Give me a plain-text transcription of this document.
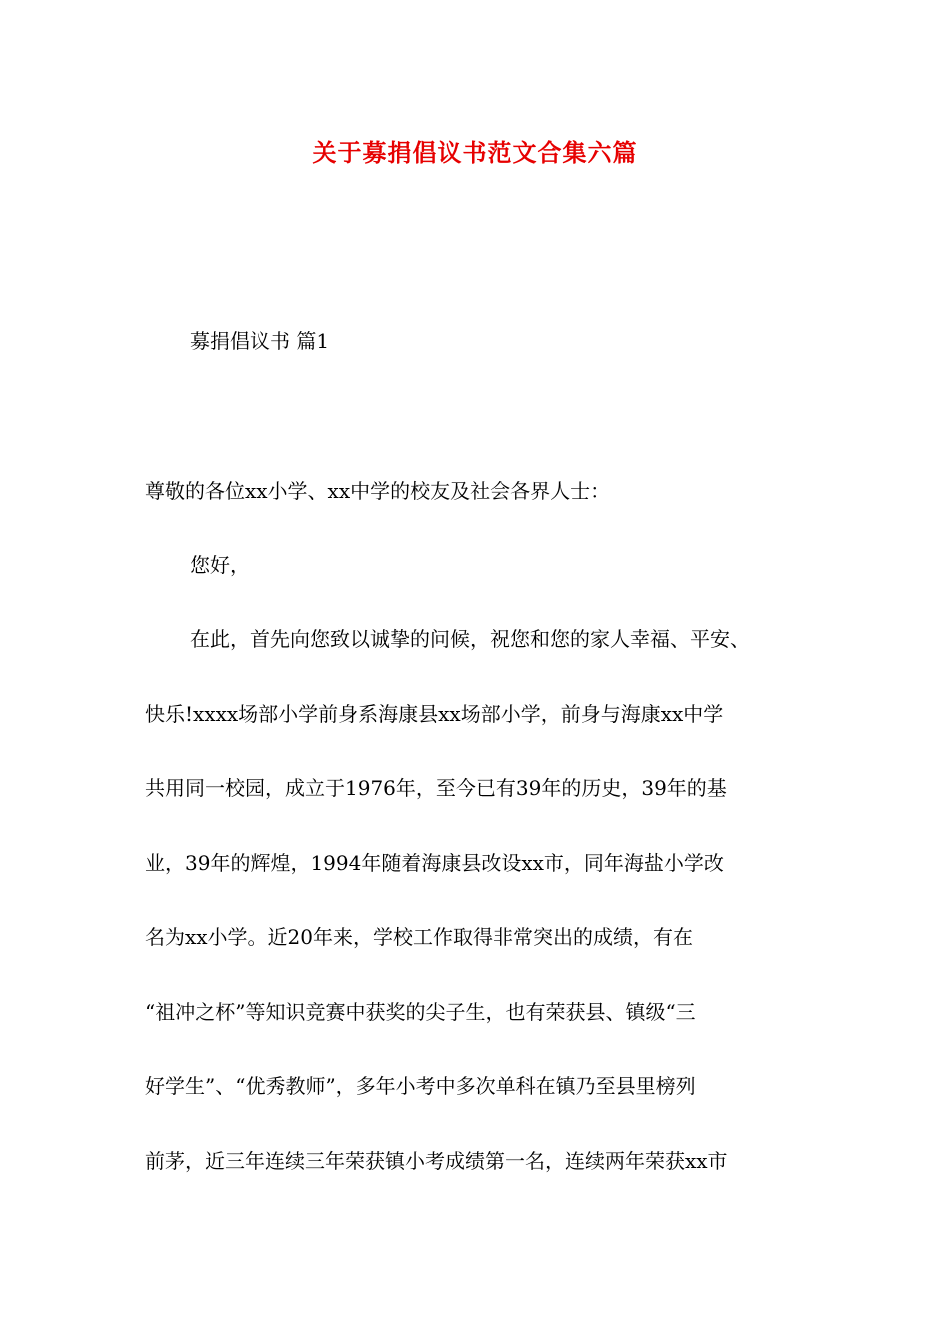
关于募捐倡议书范文合集六篇
募捐倡议书 篇1
尊敬的各位xx小学、xx中学的校友及社会各界人士：
您好，
在此，首先向您致以诚挚的问候，祝您和您的家人幸福、平安、
快乐!xxxx场部小学前身系海康县xx场部小学，前身与海康xx中学
共用同一校园，成立于1976年，至今已有39年的历史，39年的基
业，39年的辉煌，1994年随着海康县改设xx市，同年海盐小学改
名为xx小学。近20年来，学校工作取得非常突出的成绩，有在
“祖冲之杯”等知识竞赛中获奖的尖子生，也有荣获县、镇级“三
好学生”、“优秀教师”，多年小考中多次单科在镇乃至县里榜列
前茅，近三年连续三年荣获镇小考成绩第一名，连续两年荣获xx市
